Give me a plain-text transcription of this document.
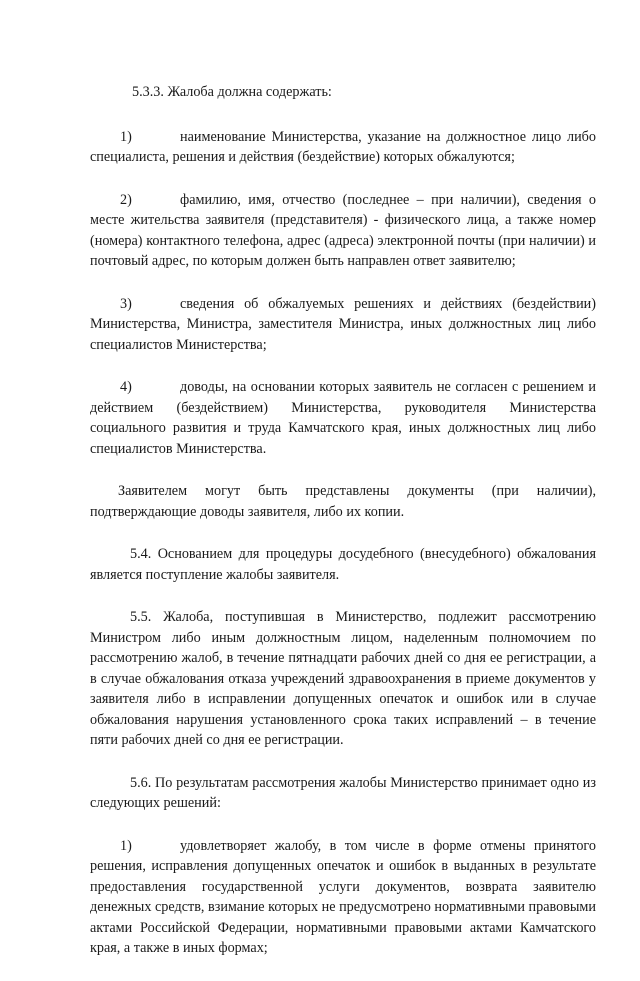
5.3.3. Жалоба должна содержать:

1)	наименование Министерства, указание на должностное лицо либо специалиста, решения и действия (бездействие) которых обжалуются;

2)	фамилию, имя, отчество (последнее – при наличии), сведения о месте жительства заявителя (представителя) - физического лица, а также номер (номера) контактного телефона, адрес (адреса) электронной почты (при наличии) и почтовый адрес, по которым должен быть направлен ответ заявителю;

3)	сведения об обжалуемых решениях и действиях (бездействии) Министерства, Министра, заместителя Министра, иных должностных лиц либо специалистов Министерства;

4)	доводы, на основании которых заявитель не согласен с решением и действием (бездействием) Министерства, руководителя Министерства социального развития и труда Камчатского края, иных должностных лиц либо специалистов Министерства.

Заявителем могут быть представлены документы (при наличии), подтверждающие доводы заявителя, либо их копии.

5.4. Основанием для процедуры досудебного (внесудебного) обжалования является поступление жалобы заявителя.

5.5. Жалоба, поступившая в Министерство, подлежит рассмотрению Министром либо иным должностным лицом, наделенным полномочием по рассмотрению жалоб, в течение пятнадцати рабочих дней со дня ее регистрации, а в случае обжалования отказа учреждений здравоохранения в приеме документов у заявителя либо в исправлении допущенных опечаток и ошибок или в случае обжалования нарушения установленного срока таких исправлений – в течение пяти рабочих дней со дня ее регистрации.

5.6. По результатам рассмотрения жалобы Министерство принимает одно из следующих решений:

1)	удовлетворяет жалобу, в том числе в форме отмены принятого решения, исправления допущенных опечаток и ошибок в выданных в результате предоставления государственной услуги документов, возврата заявителю денежных средств, взимание которых не предусмотрено нормативными правовыми актами Российской Федерации, нормативными правовыми актами Камчатского края, а также в иных формах;
